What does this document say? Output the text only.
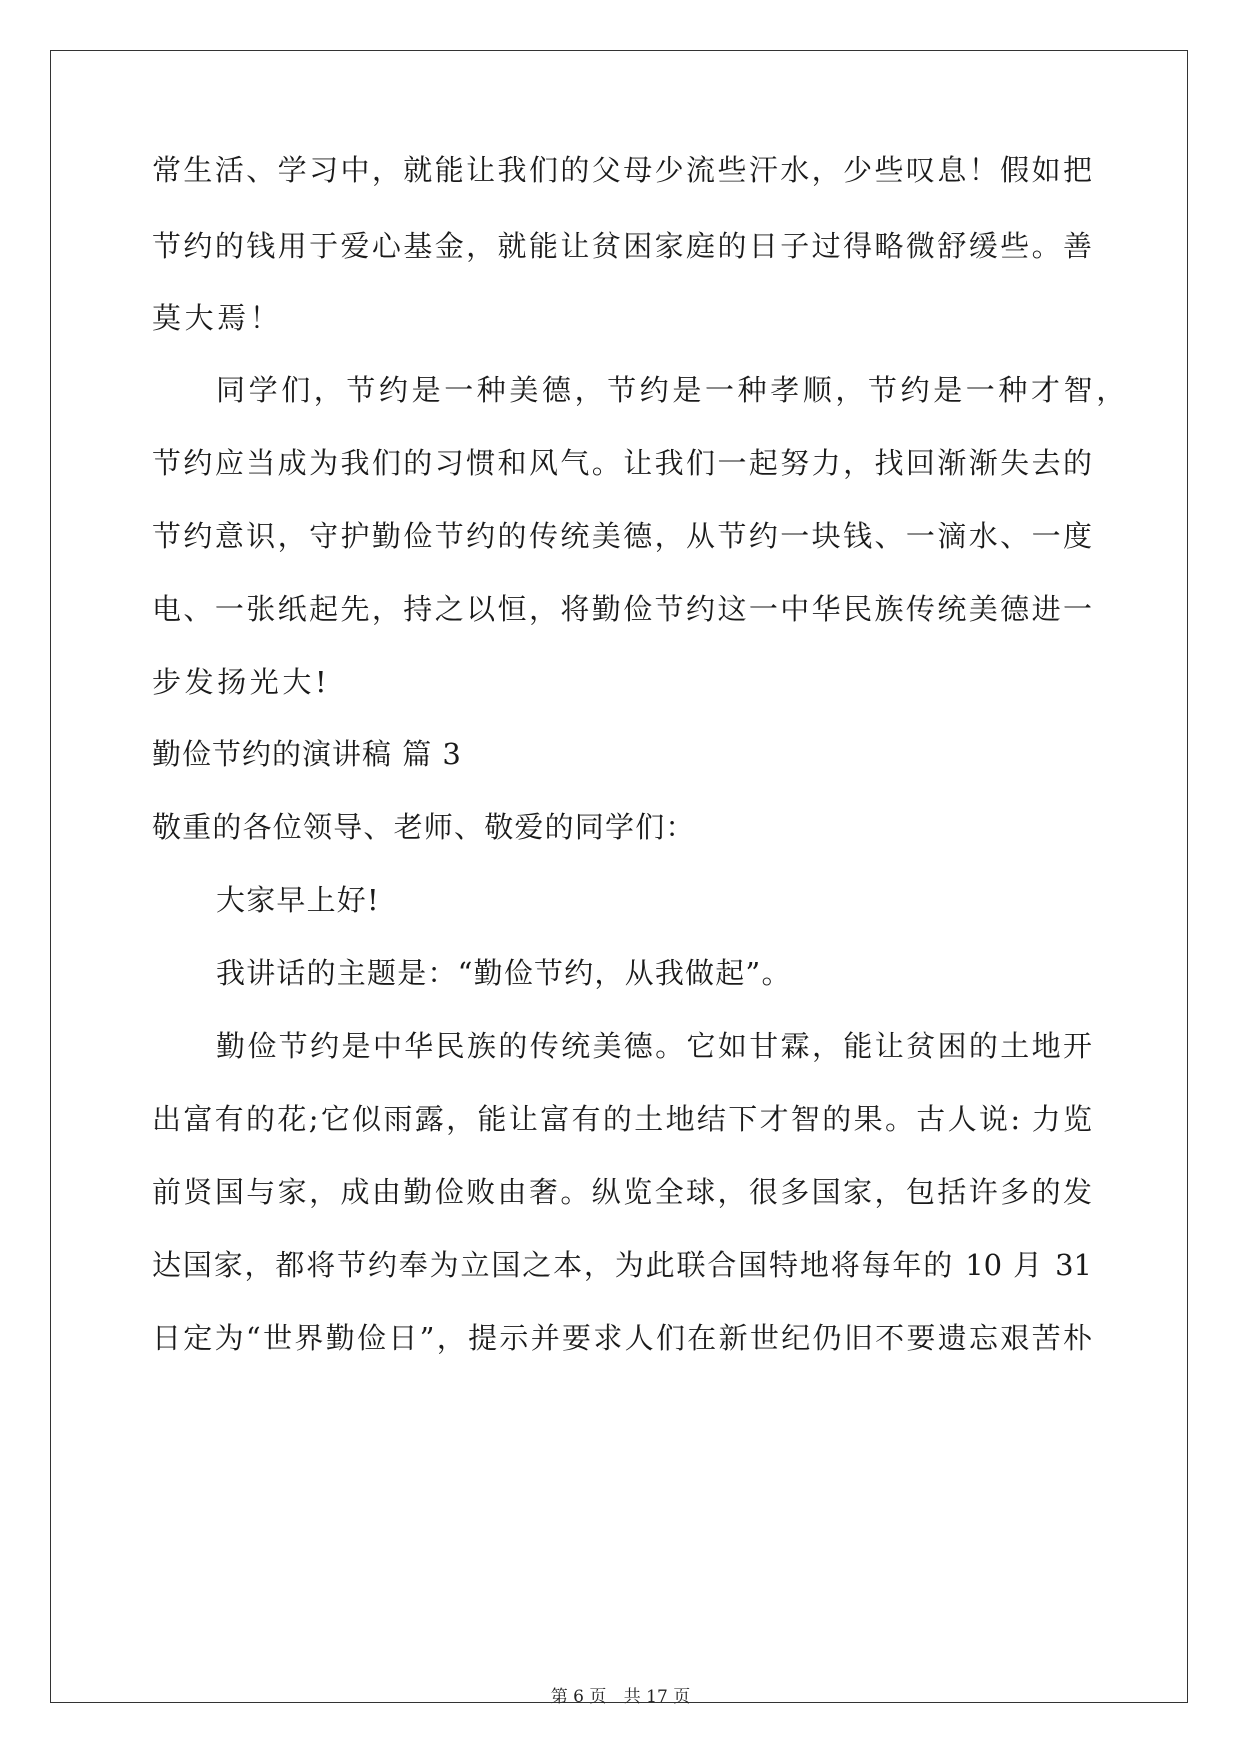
常生活、学习中，就能让我们的父母少流些汗水，少些叹息！假如把
节约的钱用于爱心基金，就能让贫困家庭的日子过得略微舒缓些。善
莫大焉！
同学们，节约是一种美德，节约是一种孝顺，节约是一种才智，
节约应当成为我们的习惯和风气。让我们一起努力，找回渐渐失去的
节约意识，守护勤俭节约的传统美德，从节约一块钱、一滴水、一度
电、一张纸起先，持之以恒，将勤俭节约这一中华民族传统美德进一
步发扬光大!
勤俭节约的演讲稿 篇 3
敬重的各位领导、老师、敬爱的同学们：
大家早上好!
我讲话的主题是：“勤俭节约，从我做起”。
勤俭节约是中华民族的传统美德。它如甘霖，能让贫困的土地开
出富有的花;它似雨露，能让富有的土地结下才智的果。古人说: 力览
前贤国与家，成由勤俭败由奢。纵览全球，很多国家，包括许多的发
达国家，都将节约奉为立国之本，为此联合国特地将每年的 10 月 31
日定为“世界勤俭日”，提示并要求人们在新世纪仍旧不要遗忘艰苦朴
第 6 页 共 17 页
